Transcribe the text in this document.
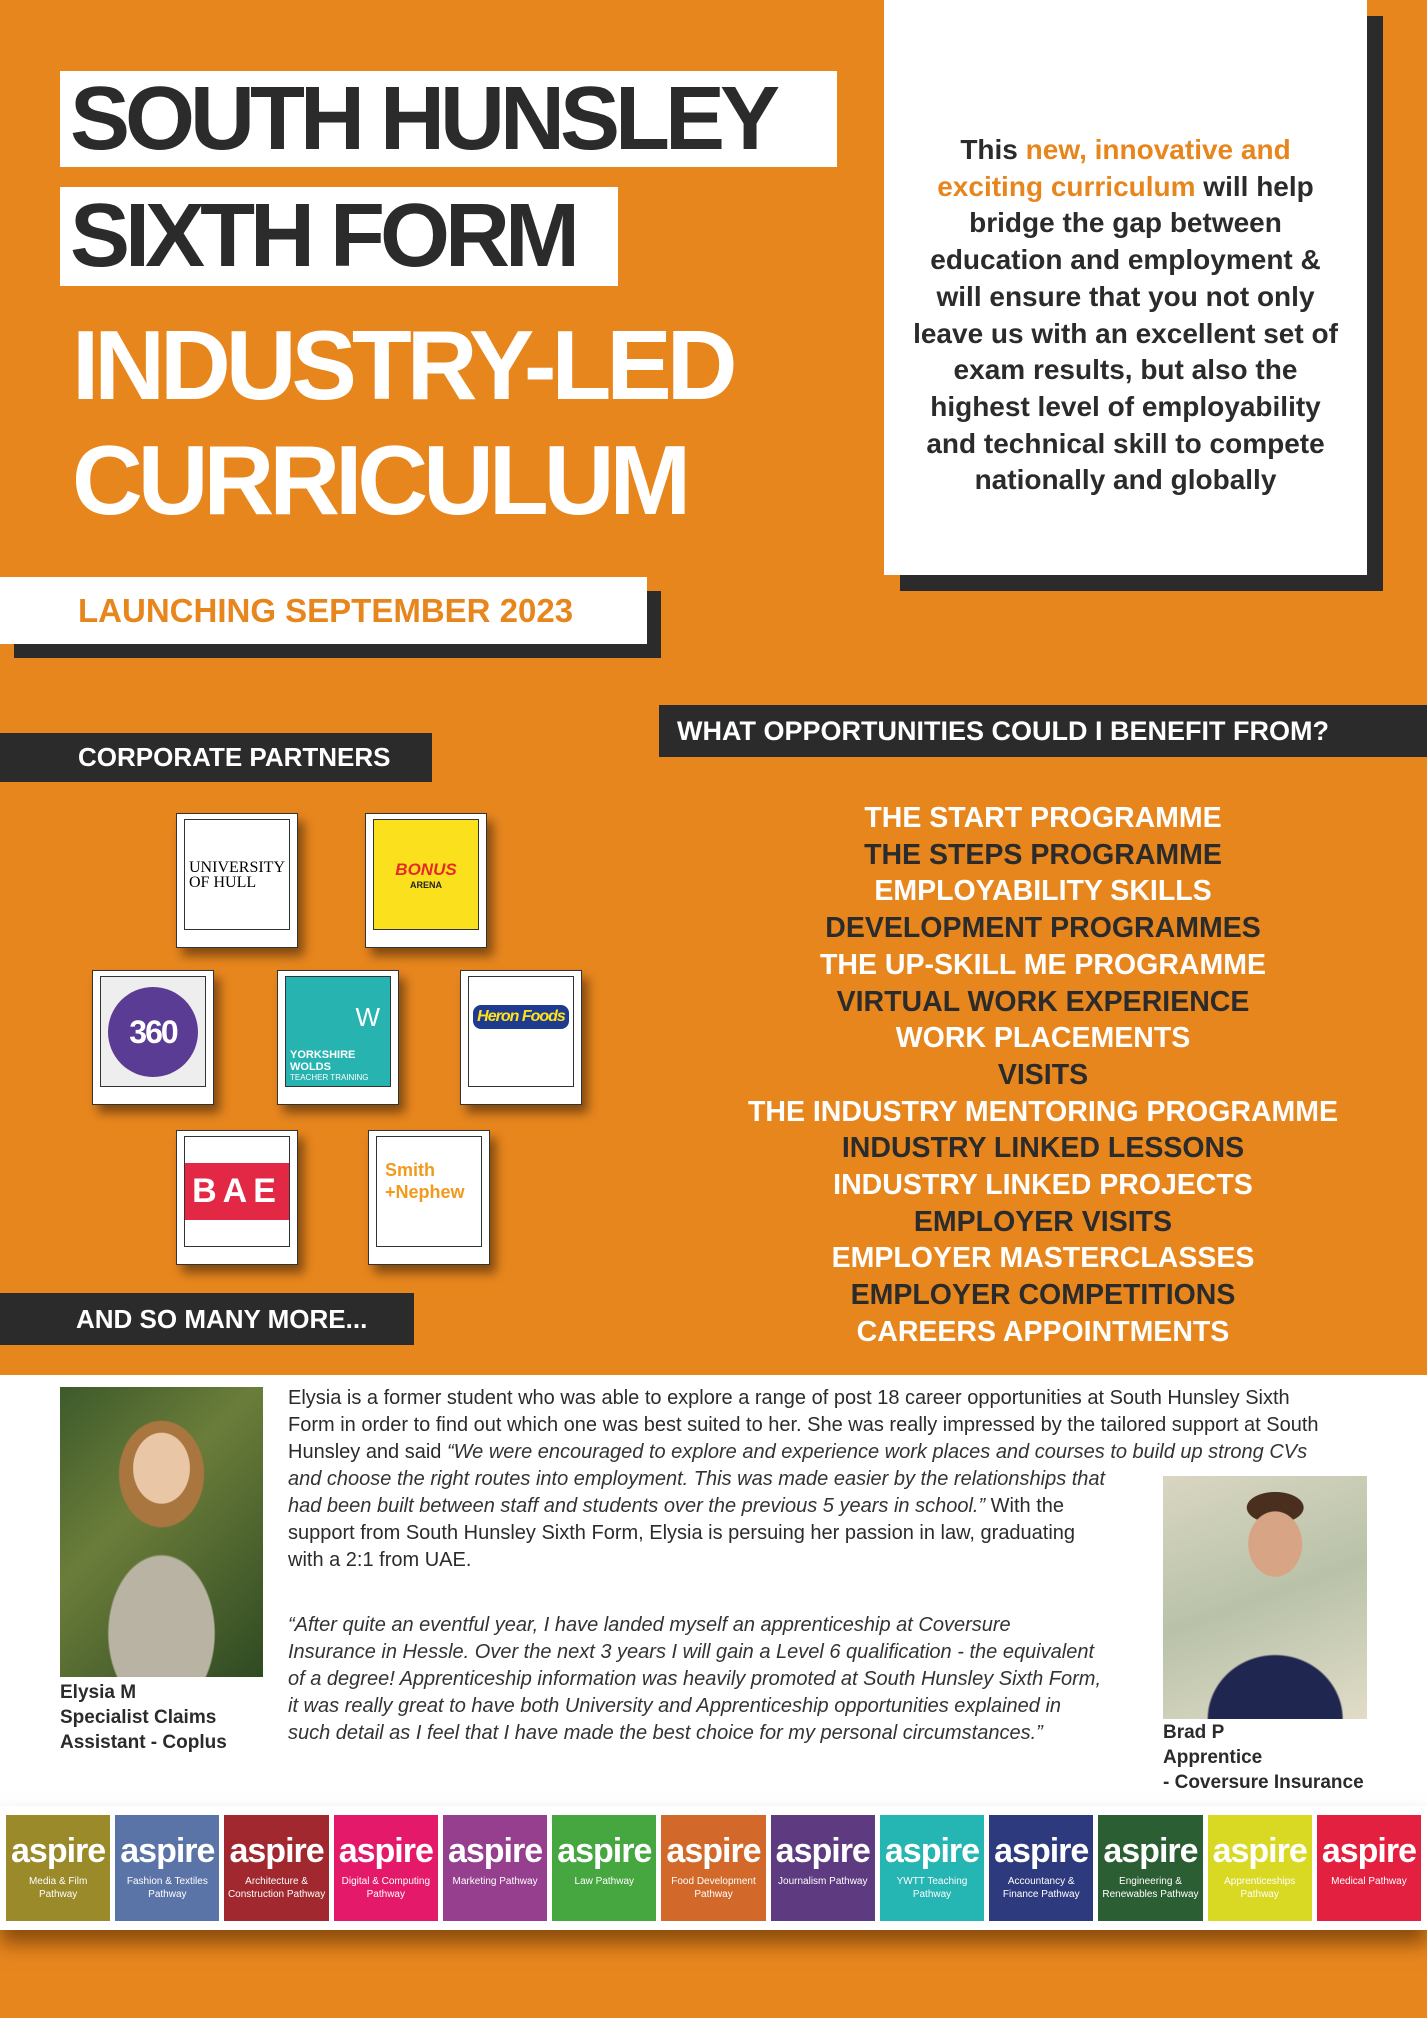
SOUTH HUNSLEY
SIXTH FORM
INDUSTRY-LED
CURRICULUM
This new, innovative and exciting curriculum will help bridge the gap between education and employment & will ensure that you not only leave us with an excellent set of exam results, but also the highest level of employability and technical skill to compete nationally and globally
LAUNCHING SEPTEMBER 2023
CORPORATE PARTNERS
WHAT OPPORTUNITIES COULD I BENEFIT FROM?
THE START PROGRAMME
THE STEPS PROGRAMME
EMPLOYABILITY SKILLS
DEVELOPMENT PROGRAMMES
THE UP-SKILL ME PROGRAMME
VIRTUAL WORK EXPERIENCE
WORK PLACEMENTS
VISITS
THE INDUSTRY MENTORING PROGRAMME
INDUSTRY LINKED LESSONS
INDUSTRY LINKED PROJECTS
EMPLOYER VISITS
EMPLOYER MASTERCLASSES
EMPLOYER COMPETITIONS
CAREERS APPOINTMENTS
UNIVERSITY OF HULL
BONUS
ARENA
360	W
YORKSHIRE WOLDS
TEACHER TRAINING
Heron Foods
BAE
Smith
+Nephew
AND SO MANY MORE...
Elysia M
Specialist Claims
Assistant - Coplus
Elysia is a former student who was able to explore a range of post 18 career opportunities at South Hunsley Sixth Form in order to find out which one was best suited to her. She was really impressed by the tailored support at South Hunsley and said “We were encouraged to explore and experience work places and courses to build up strong CVs and choose the right routes into employment. This was made easier by the relationships that had been built between staff and students over the previous 5 years in school.” With the support from South Hunsley Sixth Form, Elysia is persuing her passion in law, graduating with a 2:1 from UAE.
“After quite an eventful year, I have landed myself an apprenticeship at Coversure Insurance in Hessle. Over the next 3 years I will gain a Level 6 qualification - the equivalent of a degree! Apprenticeship information was heavily promoted at South Hunsley Sixth Form, it was really great to have both University and Apprenticeship opportunities explained in such detail as I feel that I have made the best choice for my personal circumstances.”	Brad P
Apprentice
- Coversure Insurance
aspire
Media & Film Pathway
aspire
Fashion & Textiles Pathway
aspire
Architecture & Construction Pathway
aspire
Digital & Computing Pathway
aspire
Marketing Pathway
aspire
Law Pathway
aspire
Food Development Pathway
aspire
Journalism Pathway
aspire
YWTT Teaching Pathway
aspire
Accountancy & Finance Pathway
aspire
Engineering & Renewables Pathway
aspire
Apprenticeships Pathway
aspire
Medical Pathway
